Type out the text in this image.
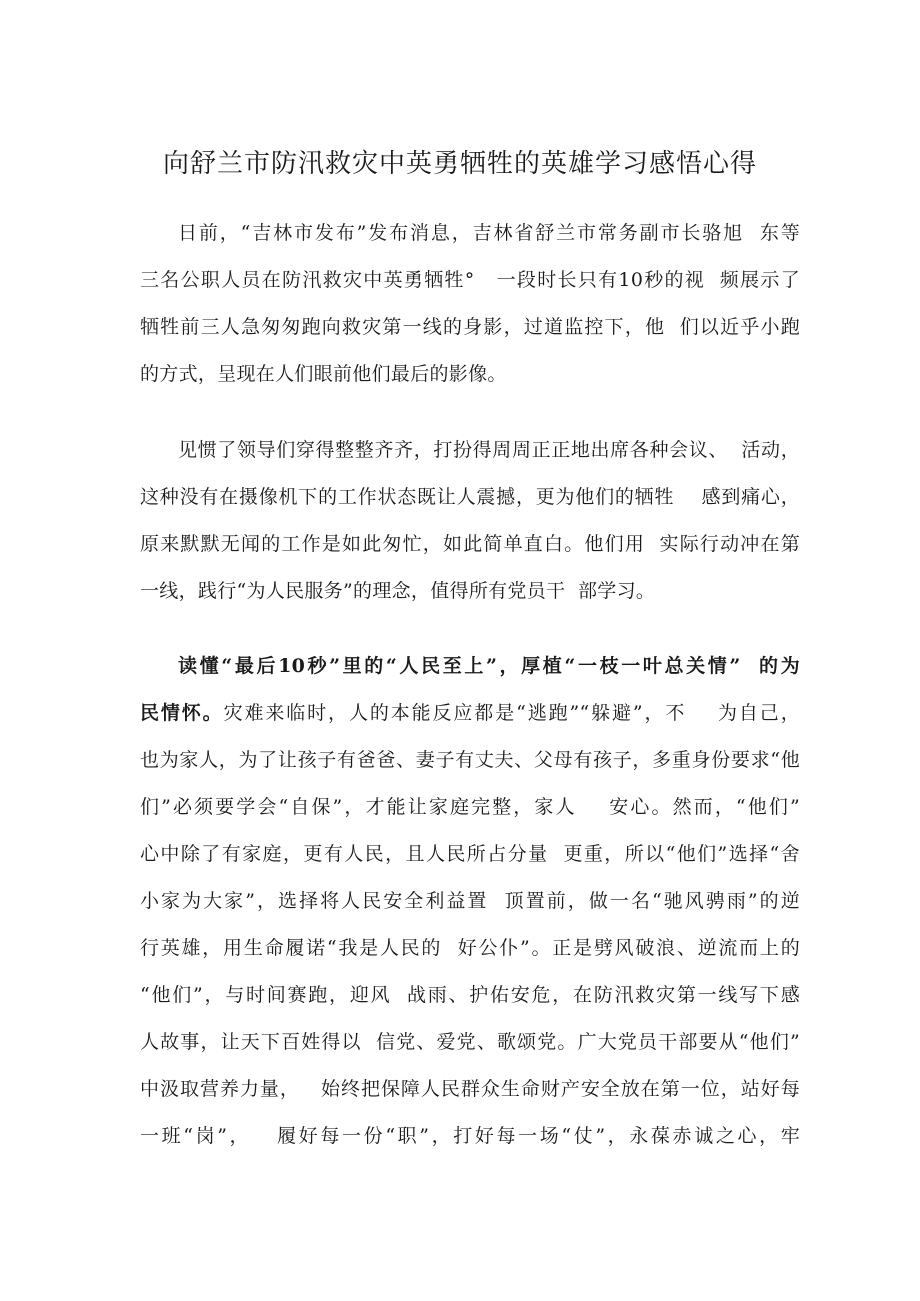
向舒兰市防汛救灾中英勇牺牲的英雄学习感悟心得
日前，“吉林市发布”发布消息，吉林省舒兰市常务副市长骆旭  东等
三名公职人员在防汛救灾中英勇牺牲°   一段时长只有10秒的视  频展示了
牺牲前三人急匆匆跑向救灾第一线的身影，过道监控下，他  们以近乎小跑
的方式，呈现在人们眼前他们最后的影像。
见惯了领导们穿得整整齐齐，打扮得周周正正地出席各种会议、  活动，
这种没有在摄像机下的工作状态既让人震撼，更为他们的牺牲    感到痛心，
原来默默无闻的工作是如此匆忙，如此简单直白。他们用  实际行动冲在第
一线，践行“为人民服务”的理念，值得所有党员干  部学习。
读懂“最后10秒”里的“人民至上”，厚植“一枝一叶总关情”  的为
民情怀。灾难来临时，人的本能反应都是“逃跑”“躲避”，不    为自己，
也为家人，为了让孩子有爸爸、妻子有丈夫、父母有孩子，多重身份要求“他
们”必须要学会“自保”，才能让家庭完整，家人    安心。然而，“他们”
心中除了有家庭，更有人民，且人民所占分量  更重，所以“他们”选择“舍
小家为大家”，选择将人民安全利益置  顶置前，做一名“驰风骋雨”的逆
行英雄，用生命履诺“我是人民的  好公仆”。正是劈风破浪、逆流而上的
“他们”，与时间赛跑，迎风  战雨、护佑安危，在防汛救灾第一线写下感
人故事，让天下百姓得以  信党、爱党、歌颂党。广大党员干部要从“他们”
中汲取营养力量，   始终把保障人民群众生命财产安全放在第一位，站好每
一班“岗”，   履好每一份“职”，打好每一场“仗”，永葆赤诚之心，牢
